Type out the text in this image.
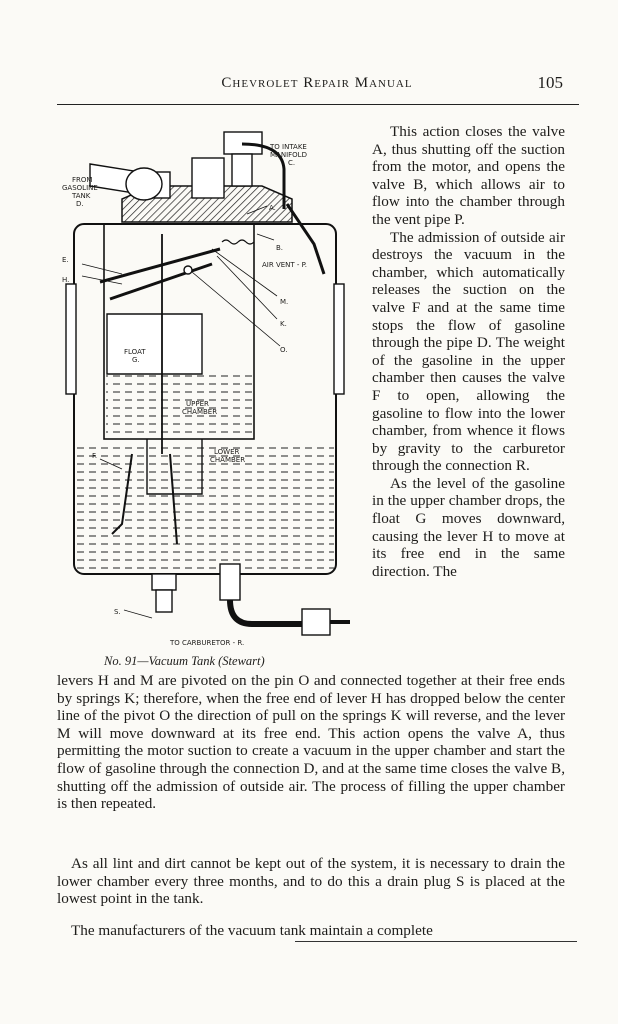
Chevrolet Repair Manual	105
TO INTAKE
MANIFOLD
C.
FROM
GASOLINE
TANK
D.	A.
B.
AIR VENT - P.
E.
H.
M.
K.
O.
FLOAT
G.
UPPER
CHAMBER
LOWER
CHAMBER
F.
S.
TO CARBURETOR - R.
No. 91—Vacuum Tank (Stewart)

This action closes the valve A, thus shutting off the suction from the motor, and opens the valve B, which allows air to flow into the chamber through the vent pipe P.

The admission of outside air destroys the vacuum in the chamber, which automatically releases the suction on the valve F and at the same time stops the flow of gasoline through the pipe D. The weight of the gasoline in the upper chamber then causes the valve F to open, allowing the gasoline to flow into the lower chamber, from whence it flows by gravity to the carburetor through the connection R.

As the level of the gasoline in the upper chamber drops, the float G moves downward, causing the lever H to move at its free end in the same direction. The

levers H and M are pivoted on the pin O and connected together at their free ends by springs K; therefore, when the free end of lever H has dropped below the center line of the pivot O the direction of pull on the springs K will reverse, and the lever M will move downward at its free end. This action opens the valve A, thus permitting the motor suction to create a vacuum in the upper chamber and start the flow of gasoline through the connection D, and at the same time closes the valve B, shutting off the admission of outside air. The process of filling the upper chamber is then repeated.

As all lint and dirt cannot be kept out of the system, it is necessary to drain the lower chamber every three months, and to do this a drain plug S is placed at the lowest point in the tank.

The manufacturers of the vacuum tank maintain a complete
